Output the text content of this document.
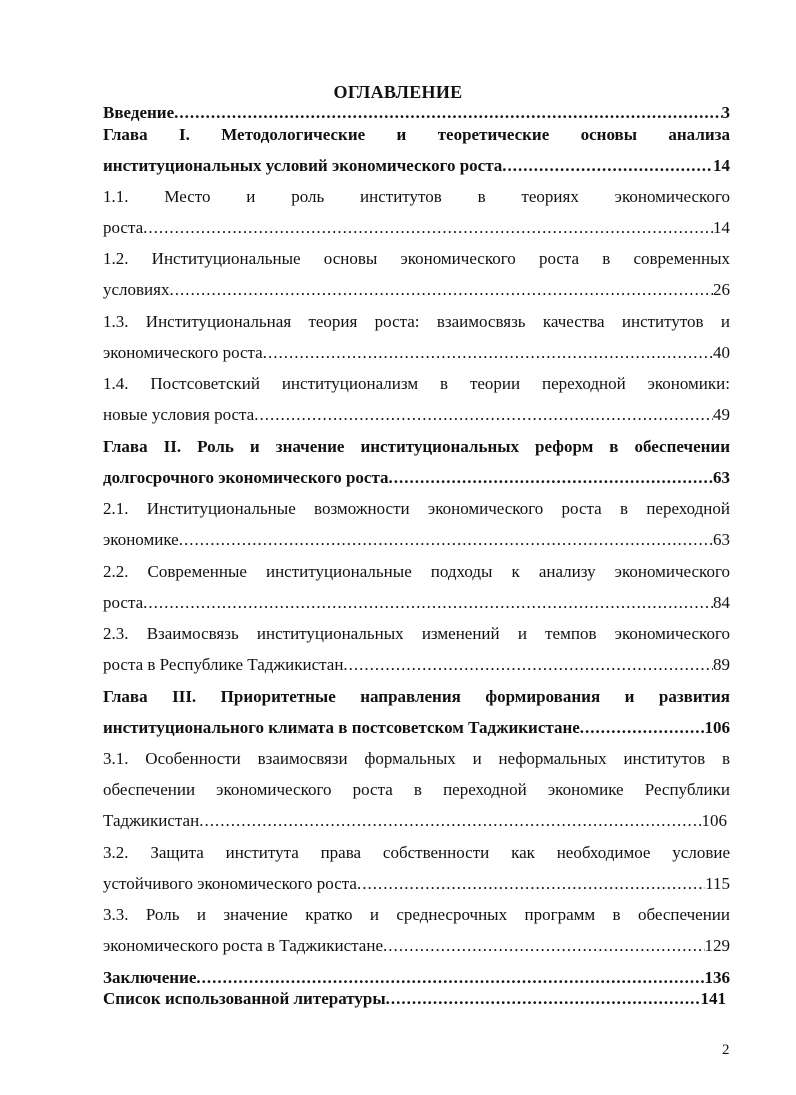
ОГЛАВЛЕНИЕ
Введение .....	3
Глава I. Методологические и теоретические основы анализа
институциональных условий экономического роста .....	14
1.1. Место и роль институтов в теориях экономического
роста .....	14
1.2. Институциональные основы экономического роста в современных
условиях .....	26
1.3. Институциональная теория роста: взаимосвязь качества институтов и
экономического роста .....	40
1.4. Постсоветский институционализм в теории переходной экономики:
новые условия роста .....	49
Глава II. Роль и значение институциональных реформ в обеспечении
долгосрочного экономического роста .....	63
2.1. Институциональные возможности экономического роста в переходной
экономике .....	63
2.2. Современные институциональные подходы к анализу экономического
роста .....	84
2.3. Взаимосвязь институциональных изменений и темпов экономического
роста в Республике Таджикистан .....	89
Глава III. Приоритетные направления формирования и развития
институционального климата в постсоветском Таджикистане .....	106
3.1. Особенности взаимосвязи формальных и неформальных институтов в
обеспечении экономического роста в переходной экономике Республики
Таджикистан .....	106
3.2. Защита института права собственности как необходимое условие
устойчивого экономического роста .....	115
3.3. Роль и значение кратко и среднесрочных программ в обеспечении
экономического роста в Таджикистане .....	129
Заключение .....	136
Список использованной литературы .....	141
2
